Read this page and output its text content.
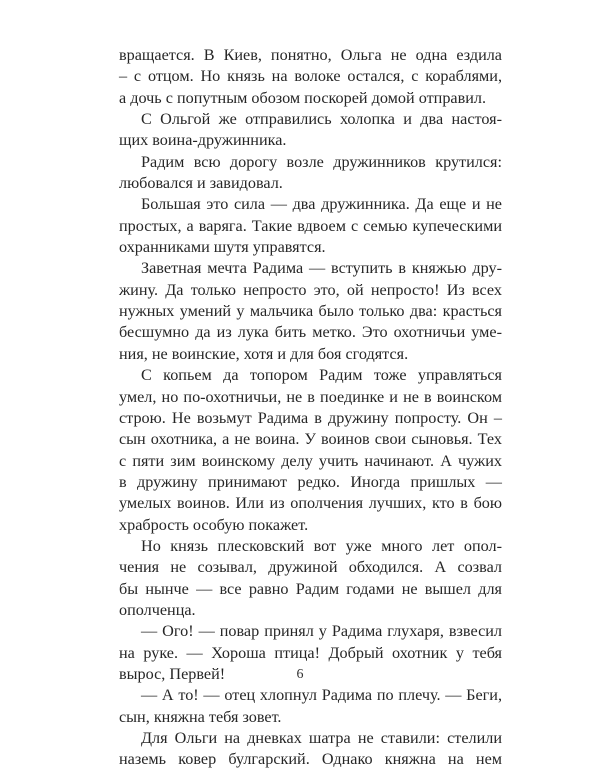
вращается. В Киев, понятно, Ольга не одна ездила
– с отцом. Но князь на волоке остался, с кораблями,
а дочь с попутным обозом поскорей домой отправил.
С Ольгой же отправились холопка и два настоя-
щих воина-дружинника.
Радим всю дорогу возле дружинников крутился:
любовался и завидовал.
Большая это сила — два дружинника. Да еще и не
простых, а варяга. Такие вдвоем с семью купеческими
охранниками шутя управятся.
Заветная мечта Радима — вступить в княжью дру-
жину. Да только непросто это, ой непросто! Из всех
нужных умений у мальчика было только два: красться
бесшумно да из лука бить метко. Это охотничьи уме-
ния, не воинские, хотя и для боя сгодятся.
С копьем да топором Радим тоже управляться
умел, но по-охотничьи, не в поединке и не в воинском
строю. Не возьмут Радима в дружину попросту. Он –
сын охотника, а не воина. У воинов свои сыновья. Тех
с пяти зим воинскому делу учить начинают. А чужих
в дружину принимают редко. Иногда пришлых —
умелых воинов. Или из ополчения лучших, кто в бою
храбрость особую покажет.
Но князь плесковский вот уже много лет опол-
чения не созывал, дружиной обходился. А созвал
бы нынче — все равно Радим годами не вышел для
ополченца.
— Ого! — повар принял у Радима глухаря, взвесил
на руке. — Хороша птица! Добрый охотник у тебя
вырос, Первей!
— А то! — отец хлопнул Радима по плечу. — Беги,
сын, княжна тебя зовет.
Для Ольги на дневках шатра не ставили: стелили
наземь ковер булгарский. Однако княжна на нем
6
